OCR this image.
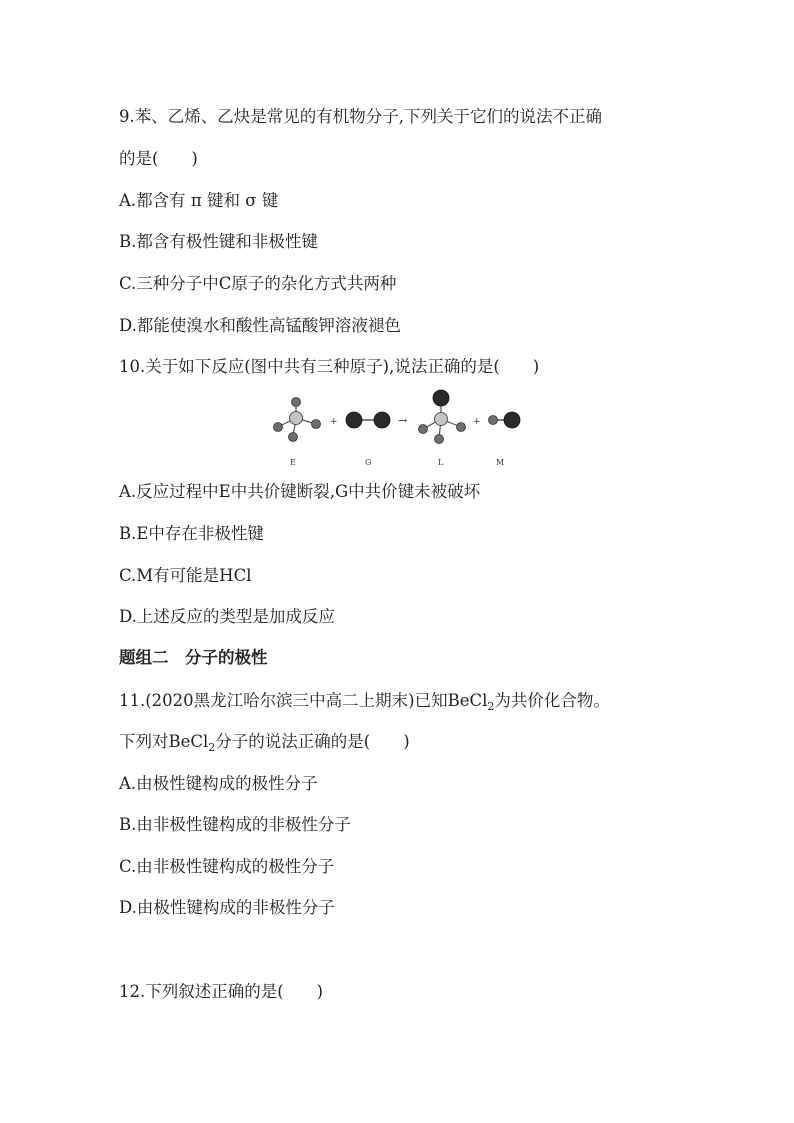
9.苯、乙烯、乙炔是常见的有机物分子,下列关于它们的说法不正确
的是(　　)
A.都含有 π 键和 σ 键
B.都含有极性键和非极性键
C.三种分子中C原子的杂化方式共两种
D.都能使溴水和酸性高锰酸钾溶液褪色
10.关于如下反应(图中共有三种原子),说法正确的是(　　)
+	→	+
E	G	L	M
A.反应过程中E中共价键断裂,G中共价键未被破坏
B.E中存在非极性键
C.M有可能是HCl
D.上述反应的类型是加成反应
题组二　分子的极性
11.(2020黑龙江哈尔滨三中高二上期末)已知BeCl$_2$为共价化合物。
下列对BeCl$_2$分子的说法正确的是(　　)
A.由极性键构成的极性分子
B.由非极性键构成的非极性分子
C.由非极性键构成的极性分子
D.由极性键构成的非极性分子
12.下列叙述正确的是(　　)
